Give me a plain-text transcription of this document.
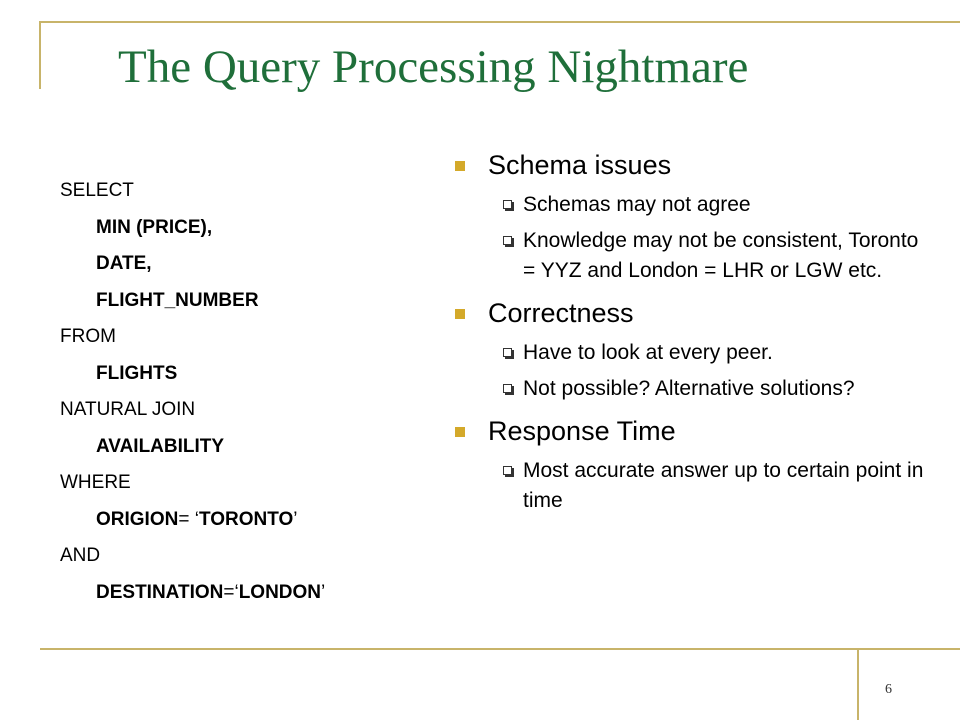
The Query Processing Nightmare
SELECT
MIN (PRICE),
DATE,
FLIGHT_NUMBER
FROM
FLIGHTS
NATURAL JOIN
AVAILABILITY
WHERE
ORIGION= ‘TORONTO’
AND
DESTINATION=‘LONDON’
Schema issues
Schemas may not agree
Knowledge may not be consistent, Toronto = YYZ and London = LHR or LGW etc.
Correctness
Have to look at every peer.
Not possible? Alternative solutions?
Response Time
Most accurate answer up to certain point in time
6
